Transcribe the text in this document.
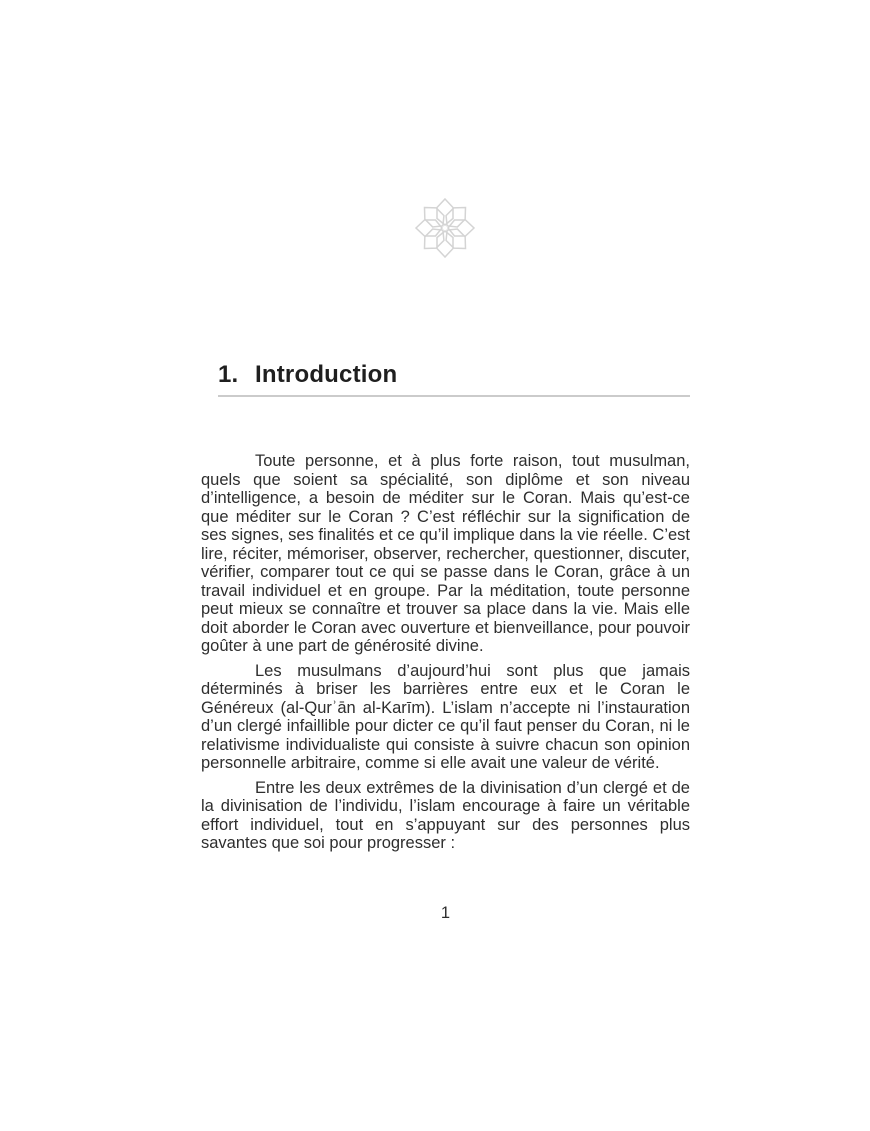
1. Introduction

Toute personne, et à plus forte raison, tout musulman, quels que soient sa spécialité, son diplôme et son niveau d’intelligence, a besoin de méditer sur le Coran. Mais qu’est-ce que méditer sur le Coran ? C’est réfléchir sur la signification de ses signes, ses finalités et ce qu’il implique dans la vie réelle. C’est lire, réciter, mémoriser, observer, rechercher, questionner, discuter, vérifier, comparer tout ce qui se passe dans le Coran, grâce à un travail individuel et en groupe. Par la méditation, toute personne peut mieux se connaître et trouver sa place dans la vie. Mais elle doit aborder le Coran avec ouverture et bienveillance, pour pouvoir goûter à une part de générosité divine.

Les musulmans d’aujourd’hui sont plus que jamais déterminés à briser les barrières entre eux et le Coran le Généreux (al-Qurʾān al-Karīm). L’islam n’accepte ni l’instauration d’un clergé infaillible pour dicter ce qu’il faut penser du Coran, ni le relativisme individualiste qui consiste à suivre chacun son opinion personnelle arbitraire, comme si elle avait une valeur de vérité.

Entre les deux extrêmes de la divinisation d’un clergé et de la divinisation de l’individu, l’islam encourage à faire un véritable effort individuel, tout en s’appuyant sur des personnes plus savantes que soi pour progresser :

1
